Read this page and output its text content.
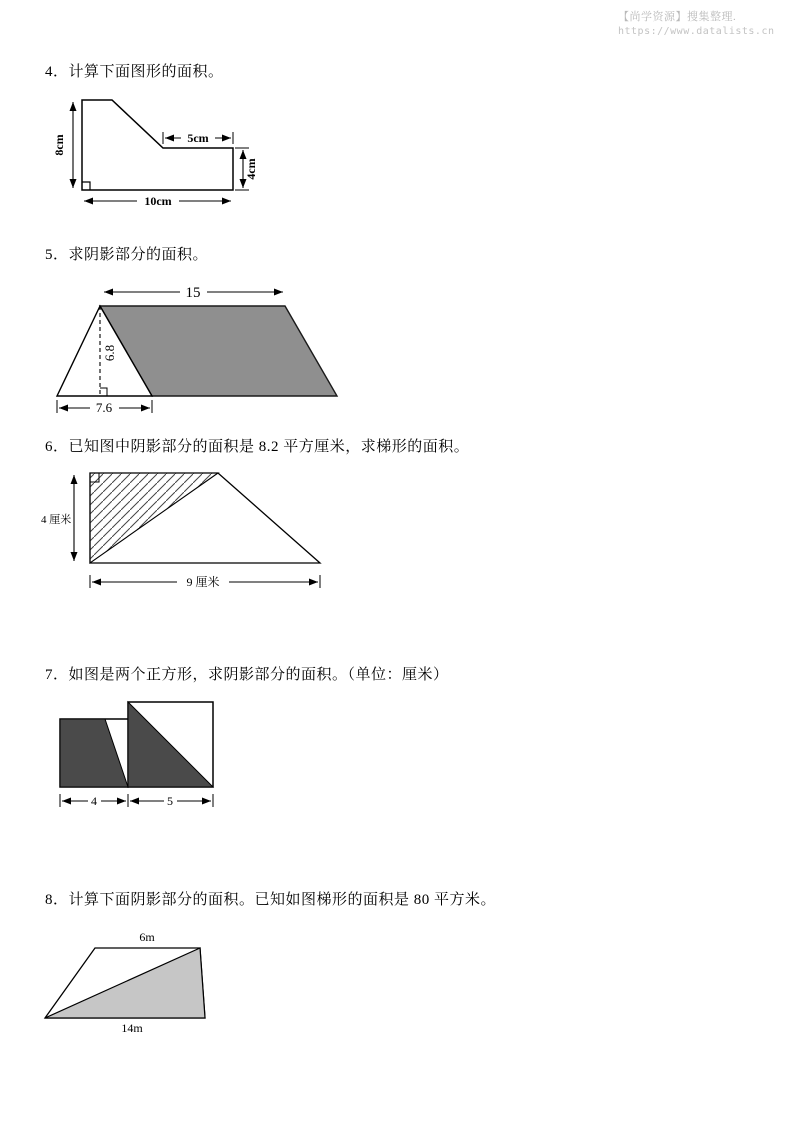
【尚学资源】搜集整理.
https://www.datalists.cn
4．计算下面图形的面积。
8cm	5cm
4cm
10cm
5．求阴影部分的面积。
15
6.8
7.6
6．已知图中阴影部分的面积是 8.2 平方厘米，求梯形的面积。
4 厘米
9 厘米
7．如图是两个正方形，求阴影部分的面积。（单位：厘米）
4	5
8．计算下面阴影部分的面积。已知如图梯形的面积是 80 平方米。
6m
14m
